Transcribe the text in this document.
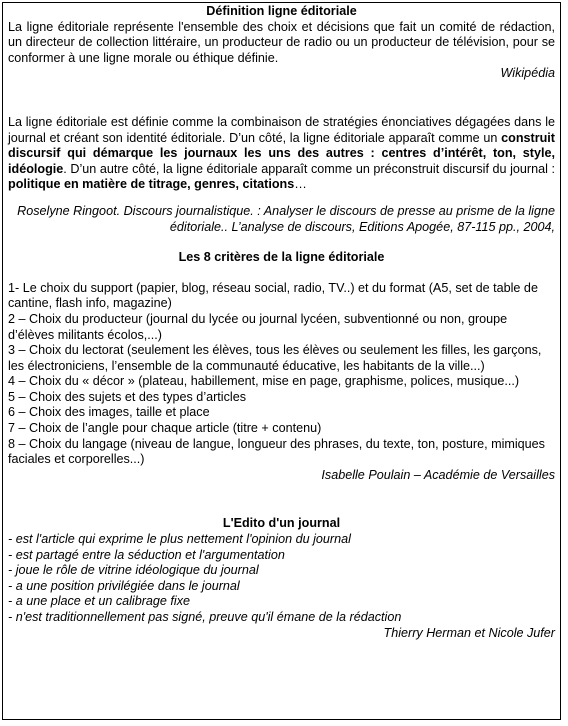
Définition ligne éditoriale

La ligne éditoriale représente l'ensemble des choix et décisions que fait un comité de rédaction, un directeur de collection littéraire, un producteur de radio ou un producteur de télévision, pour se conformer à une ligne morale ou éthique définie.

Wikipédia

La ligne éditoriale est définie comme la combinaison de stratégies énonciatives dégagées dans le journal et créant son identité éditoriale. D’un côté, la ligne éditoriale apparaît comme un construit discursif qui démarque les journaux les uns des autres : centres d’intérêt, ton, style, idéologie. D’un autre côté, la ligne éditoriale apparaît comme un préconstruit discursif du journal : politique en matière de titrage, genres, citations…

Roselyne Ringoot. Discours journalistique. : Analyser le discours de presse au prisme de la ligne éditoriale.. L’analyse de discours, Editions Apogée, 87-115 pp., 2004,

Les 8 critères de la ligne éditoriale

1- Le choix du support (papier, blog, réseau social, radio, TV..) et du format (A5, set de table de cantine, flash info, magazine)

2 – Choix du producteur (journal du lycée ou journal lycéen, subventionné ou non, groupe d’élèves militants écolos,...)

3 – Choix du lectorat (seulement les élèves, tous les élèves ou seulement les filles, les garçons, les électroniciens, l’ensemble de la communauté éducative, les habitants de la ville...)

4 – Choix du « décor » (plateau, habillement, mise en page, graphisme, polices, musique...)

5 – Choix des sujets et des types d’articles

6 – Choix des images, taille et place

7 – Choix de l’angle pour chaque article (titre + contenu)

8 – Choix du langage (niveau de langue, longueur des phrases, du texte, ton, posture, mimiques faciales et corporelles...)

Isabelle Poulain – Académie de Versailles

L'Edito d'un journal

- est l'article qui exprime le plus nettement l'opinion du journal

- est partagé entre la séduction et l'argumentation

- joue le rôle de vitrine idéologique du journal

- a une position privilégiée dans le journal

- a une place et un calibrage fixe

- n'est traditionnellement pas signé, preuve qu'il émane de la rédaction

Thierry Herman et Nicole Jufer
